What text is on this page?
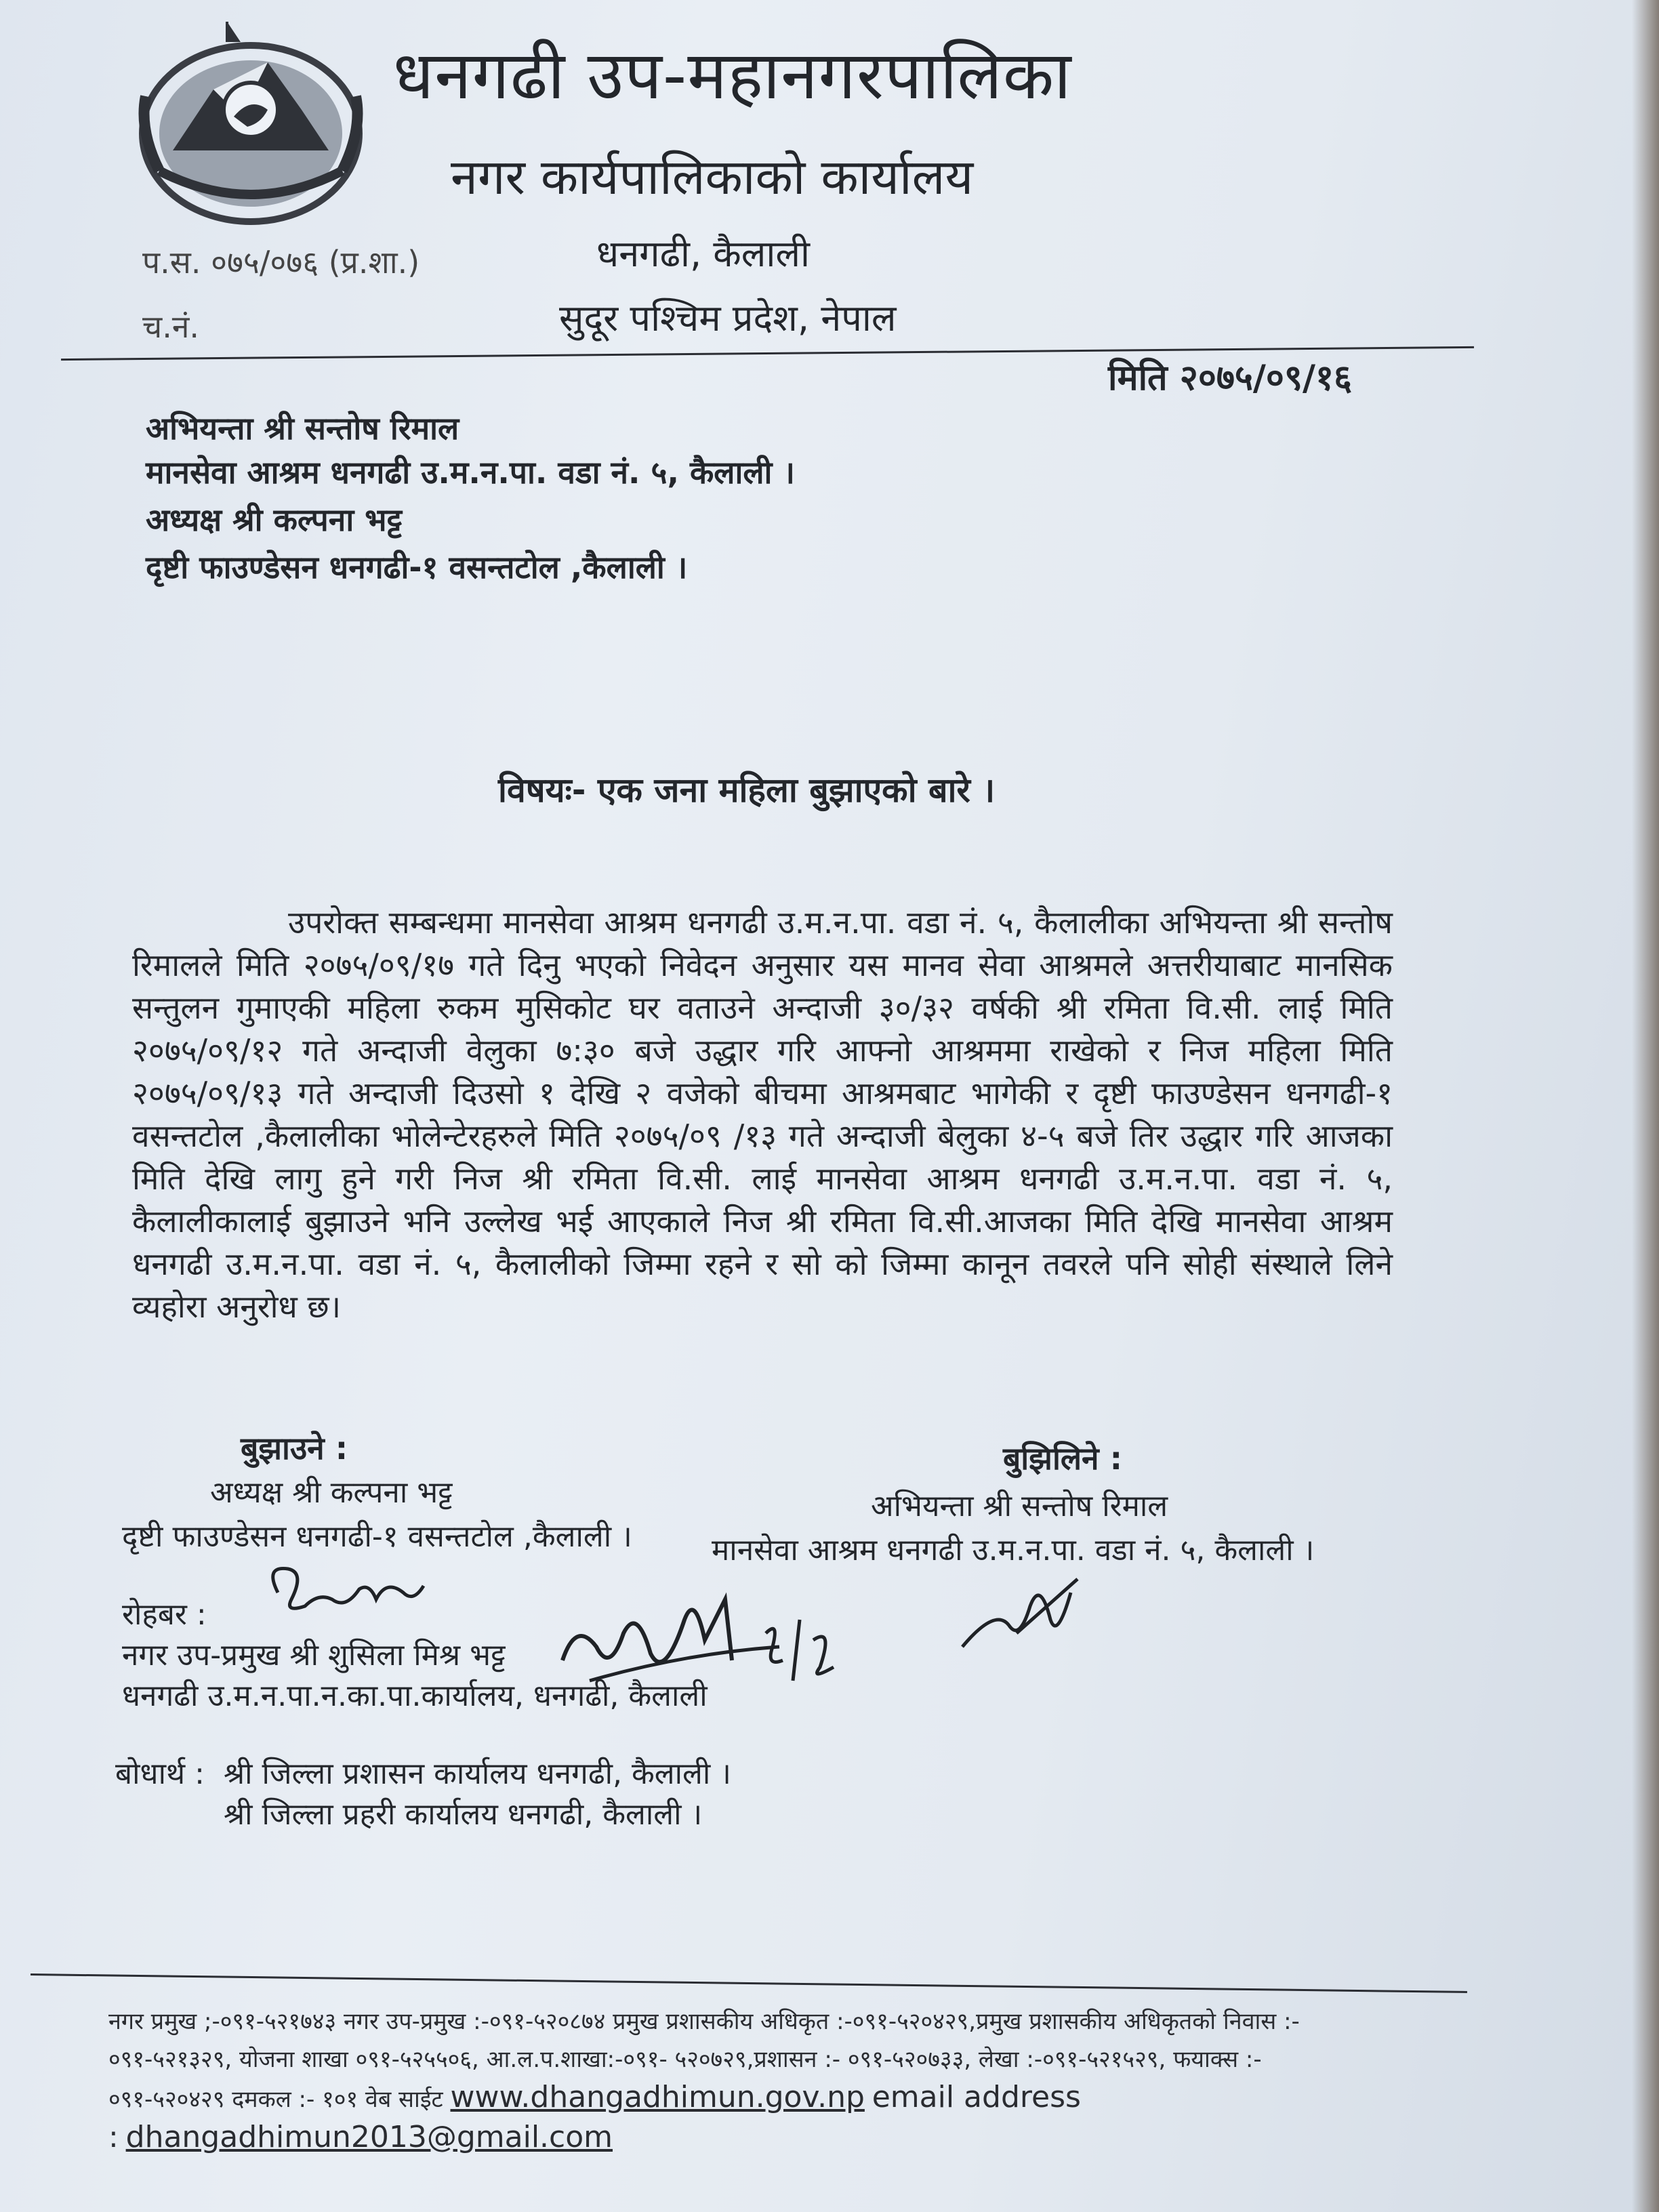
धनगढी उप-महानगरपालिका
नगर कार्यपालिकाको कार्यालय
प.स. ०७५/०७६ (प्र.शा.)
च.नं.
धनगढी, कैलाली
सुदूर पश्चिम प्रदेश, नेपाल
मिति २०७५/०९/१६
अभियन्ता श्री सन्तोष रिमाल
मानसेवा आश्रम धनगढी उ.म.न.पा. वडा नं. ५, कैलाली ।
अध्यक्ष श्री कल्पना भट्ट
दृष्टी फाउण्डेसन धनगढी-१ वसन्तटोल ,कैलाली ।
विषयः- एक जना महिला बुझाएको बारे ।
उपरोक्त सम्बन्धमा मानसेवा आश्रम धनगढी उ.म.न.पा. वडा नं. ५, कैलालीका अभियन्ता श्री सन्तोष रिमालले मिति २०७५/०९/१७ गते दिनु भएको निवेदन अनुसार यस मानव सेवा आश्रमले अत्तरीयाबाट मानसिक सन्तुलन गुमाएकी महिला रुकम मुसिकोट घर वताउने अन्दाजी ३०/३२ वर्षकी श्री रमिता वि.सी. लाई मिति २०७५/०९/१२ गते अन्दाजी वेलुका ७:३० बजे उद्धार गरि आफ्नो आश्रममा राखेको र निज महिला मिति २०७५/०९/१३ गते अन्दाजी दिउसो १ देखि २ वजेको बीचमा आश्रमबाट भागेकी र दृष्टी फाउण्डेसन धनगढी-१ वसन्तटोल ,कैलालीका भोलेन्टेरहरुले मिति २०७५/०९ /१३ गते अन्दाजी बेलुका ४-५ बजे तिर उद्धार गरि आजका मिति देखि लागु हुने गरी निज श्री रमिता वि.सी. लाई मानसेवा आश्रम धनगढी उ.म.न.पा. वडा नं. ५, कैलालीकालाई बुझाउने भनि उल्लेख भई आएकाले निज श्री रमिता वि.सी.आजका मिति देखि मानसेवा आश्रम धनगढी उ.म.न.पा. वडा नं. ५, कैलालीको जिम्मा रहने र सो को जिम्मा कानून तवरले पनि सोही संस्थाले लिने व्यहोरा अनुरोध छ।
बुझाउने :
अध्यक्ष श्री कल्पना भट्ट
दृष्टी फाउण्डेसन धनगढी-१ वसन्तटोल ,कैलाली ।
बुझिलिने :
अभियन्ता श्री सन्तोष रिमाल
मानसेवा आश्रम धनगढी उ.म.न.पा. वडा नं. ५, कैलाली ।
रोहबर :
नगर उप-प्रमुख श्री शुसिला मिश्र भट्ट
धनगढी उ.म.न.पा.न.का.पा.कार्यालय, धनगढी, कैलाली
बोधार्थ : श्री जिल्ला प्रशासन कार्यालय धनगढी, कैलाली ।
श्री जिल्ला प्रहरी कार्यालय धनगढी, कैलाली ।
नगर प्रमुख ;-०९१-५२१७४३ नगर उप-प्रमुख :-०९१-५२०८७४ प्रमुख प्रशासकीय अधिकृत :-०९१-५२०४२९,प्रमुख प्रशासकीय अधिकृतको निवास :- ०९१-५२१३२९, योजना शाखा ०९१-५२५५०६, आ.ल.प.शाखा:-०९१- ५२०७२९,प्रशासन :- ०९१-५२०७३३, लेखा :-०९१-५२१५२९, फयाक्स :- ०९१-५२०४२९ दमकल :- १०१ वेब साईट www.dhangadhimun.gov.np email address
: dhangadhimun2013@gmail.com
